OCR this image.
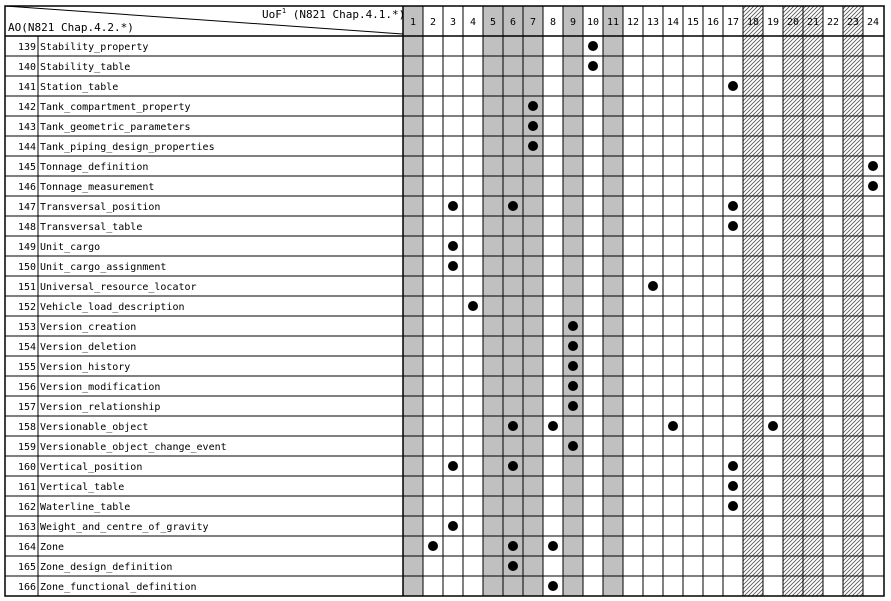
UoF$^1$ (N821 Chap.4.1.*)
AO(N821 Chap.4.2.*)	1 2 3 4 5 6 7 8 9 10 11 12 13 14 15 16 17 18 19 20 21 22 23 24
139 Stability_property
140 Stability_table
141 Station_table
142 Tank_compartment_property
143 Tank_geometric_parameters
144 Tank_piping_design_properties
145 Tonnage_definition
146 Tonnage_measurement
147 Transversal_position
148 Transversal_table
149 Unit_cargo
150 Unit_cargo_assignment
151 Universal_resource_locator
152 Vehicle_load_description
153 Version_creation
154 Version_deletion
155 Version_history
156 Version_modification
157 Version_relationship
158 Versionable_object
159 Versionable_object_change_event
160 Vertical_position
161 Vertical_table
162 Waterline_table
163 Weight_and_centre_of_gravity
164 Zone
165 Zone_design_definition
166 Zone_functional_definition
